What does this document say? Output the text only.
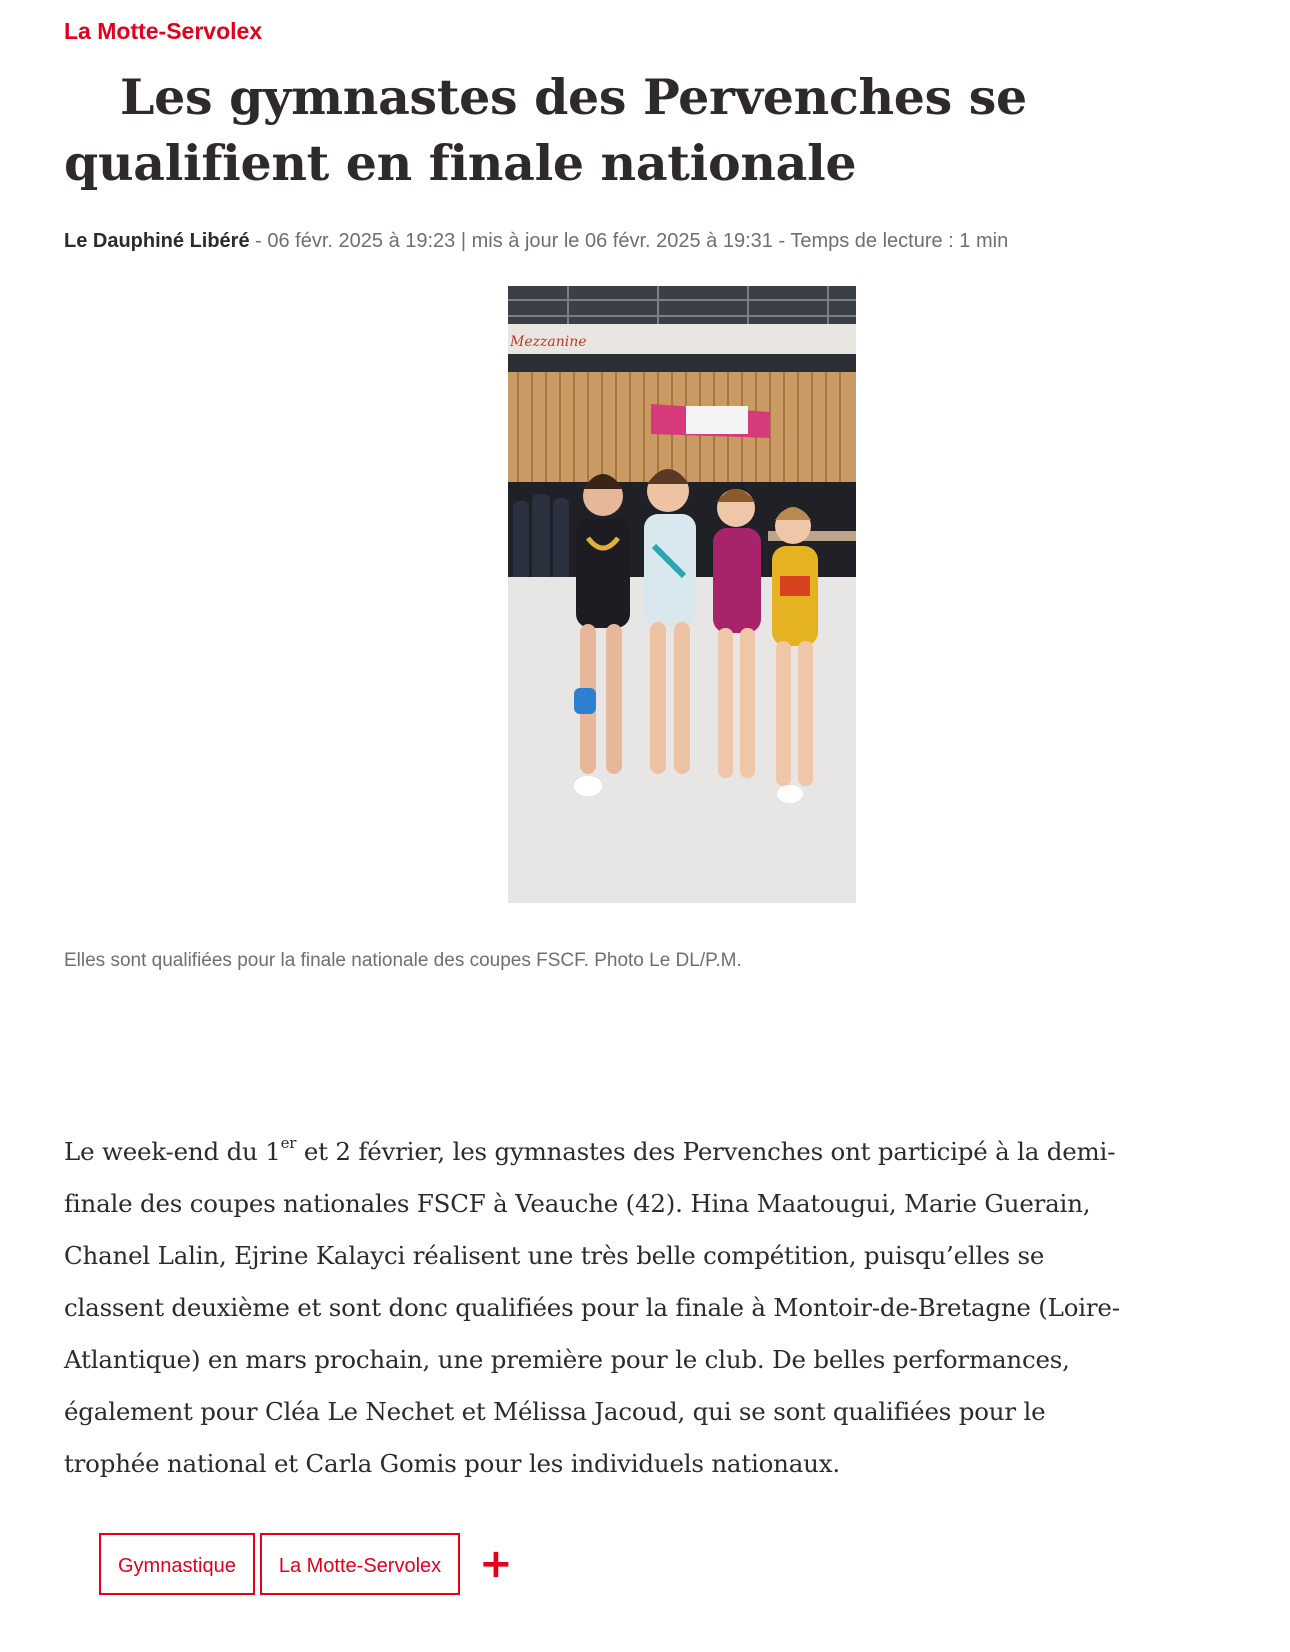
La Motte-Servolex
Les gymnastes des Pervenches se qualifient en finale nationale
Le Dauphiné Libéré - 06 févr. 2025 à 19:23 | mis à jour le 06 févr. 2025 à 19:31 - Temps de lecture : 1 min
Mezzanine
Elles sont qualifiées pour la finale nationale des coupes FSCF. Photo Le DL/P.M.

Le week-end du 1er et 2 février, les gymnastes des Pervenches ont participé à la demi-finale des coupes nationales FSCF à Veauche (42). Hina Maatougui, Marie Guerain, Chanel Lalin, Ejrine Kalayci réalisent une très belle compétition, puisqu’elles se classent deuxième et sont donc qualifiées pour la finale à Montoir-de-Bretagne (Loire-Atlantique) en mars prochain, une première pour le club. De belles performances, également pour Cléa Le Nechet et Mélissa Jacoud, qui se sont qualifiées pour le trophée national et Carla Gomis pour les individuels nationaux.

Gymnastique	La Motte-Servolex +
